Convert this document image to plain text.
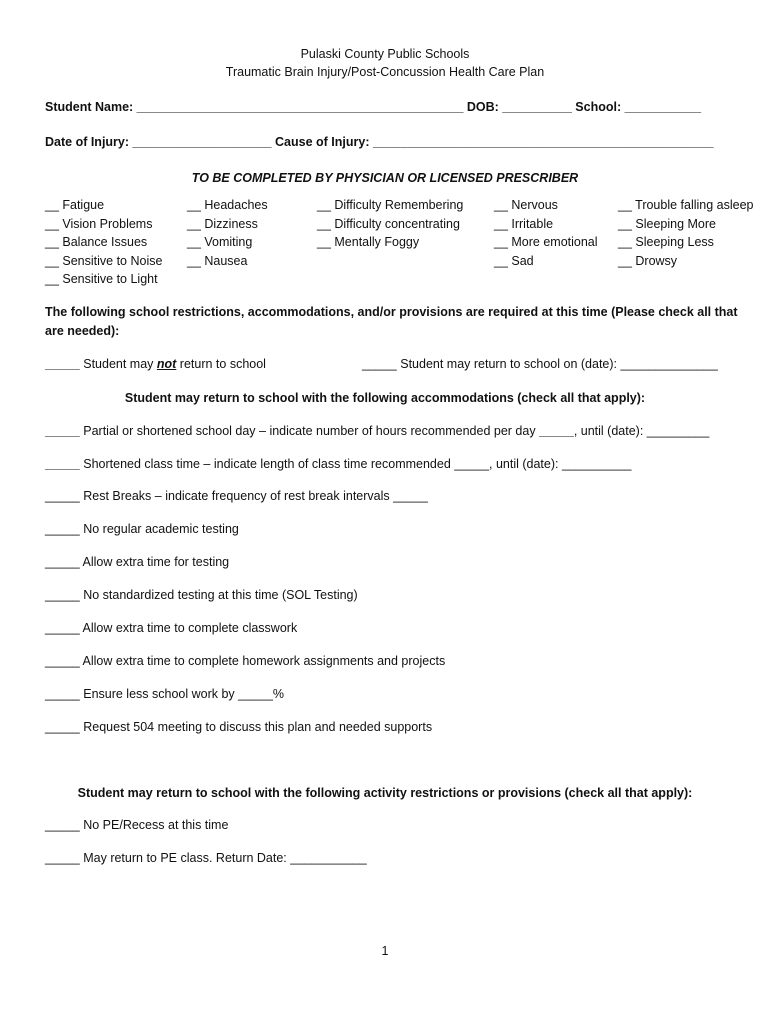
Pulaski County Public Schools
Traumatic Brain Injury/Post-Concussion Health Care Plan
Student Name: _______________________________________________ DOB: __________ School: ___________
Date of Injury: ____________________ Cause of Injury: _________________________________________________
TO BE COMPLETED BY PHYSICIAN OR LICENSED PRESCRIBER
__ Fatigue
__ Vision Problems
__ Balance Issues
__ Sensitive to Noise
__ Sensitive to Light
__ Headaches
__ Dizziness
__ Vomiting
__ Nausea
__ Difficulty Remembering
__ Difficulty concentrating
__ Mentally Foggy
__ Nervous
__ Irritable
__ More emotional
__ Sad
__ Trouble falling asleep
__ Sleeping More
__ Sleeping Less
__ Drowsy
The following school restrictions, accommodations, and/or provisions are required at this time (Please check all that
are needed):
_____ Student may not return to school	_____ Student may return to school on (date): ______________
Student may return to school with the following accommodations (check all that apply):
_____ Partial or shortened school day – indicate number of hours recommended per day _____, until (date): _________
_____ Shortened class time – indicate length of class time recommended _____, until (date): __________
_____ Rest Breaks – indicate frequency of rest break intervals _____
_____ No regular academic testing
_____ Allow extra time for testing
_____ No standardized testing at this time (SOL Testing)
_____ Allow extra time to complete classwork
_____ Allow extra time to complete homework assignments and projects
_____ Ensure less school work by _____%
_____ Request 504 meeting to discuss this plan and needed supports
Student may return to school with the following activity restrictions or provisions (check all that apply):
_____ No PE/Recess at this time
_____ May return to PE class. Return Date: ___________
1
